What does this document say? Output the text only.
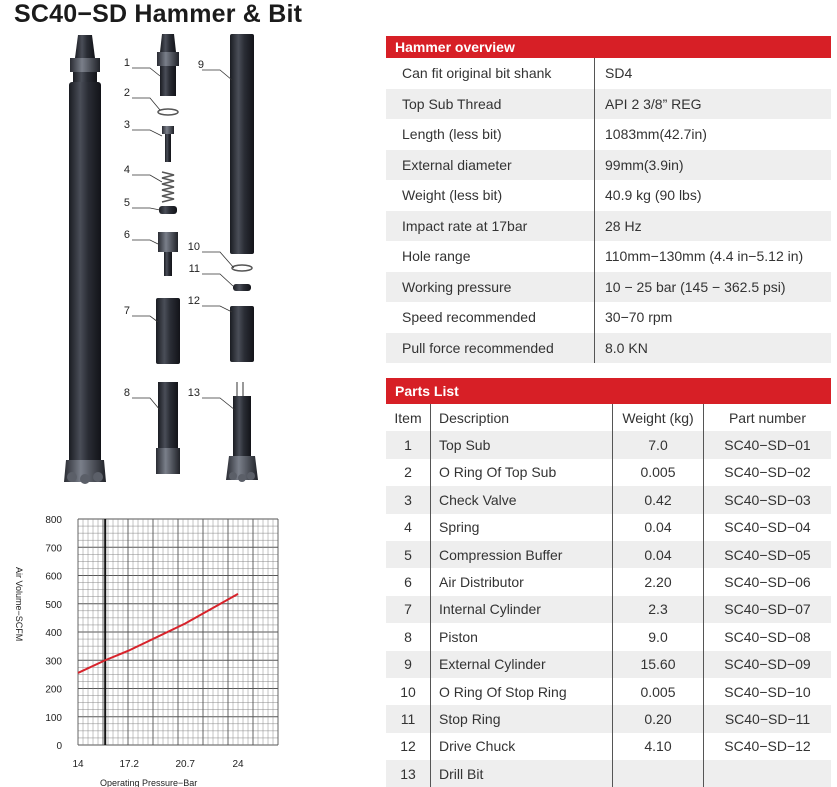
SC40−SD Hammer & Bit
1
2
3
4
5
6
7
8
9
10
11
12
13
0
100
200
300
400
500
600
700
800
14	17.2	20.7	24
Air Volume−SCFM
Operating Pressure−Bar
Hammer overview	
Can fit original bit shank	SD4
Top Sub Thread	API 2 3/8” REG
Length (less bit)	1083mm(42.7in)
External diameter	99mm(3.9in)
Weight (less bit)	40.9 kg (90 lbs)
Impact rate at 17bar	28 Hz
Hole range	110mm−130mm (4.4 in−5.12 in)
Working pressure	10 − 25 bar (145 − 362.5 psi)
Speed recommended	30−70 rpm
Pull force recommended	8.0 KN
Parts List			
Item	Description	Weight (kg)	Part number
1	Top Sub	7.0	SC40−SD−01
2	O Ring Of Top Sub	0.005	SC40−SD−02
3	Check Valve	0.42	SC40−SD−03
4	Spring	0.04	SC40−SD−04
5	Compression Buffer	0.04	SC40−SD−05
6	Air Distributor	2.20	SC40−SD−06
7	Internal Cylinder	2.3	SC40−SD−07
8	Piston	9.0	SC40−SD−08
9	External Cylinder	15.60	SC40−SD−09
10	O Ring Of Stop Ring	0.005	SC40−SD−10
11	Stop Ring	0.20	SC40−SD−11
12	Drive Chuck	4.10	SC40−SD−12
13	Drill Bit		
